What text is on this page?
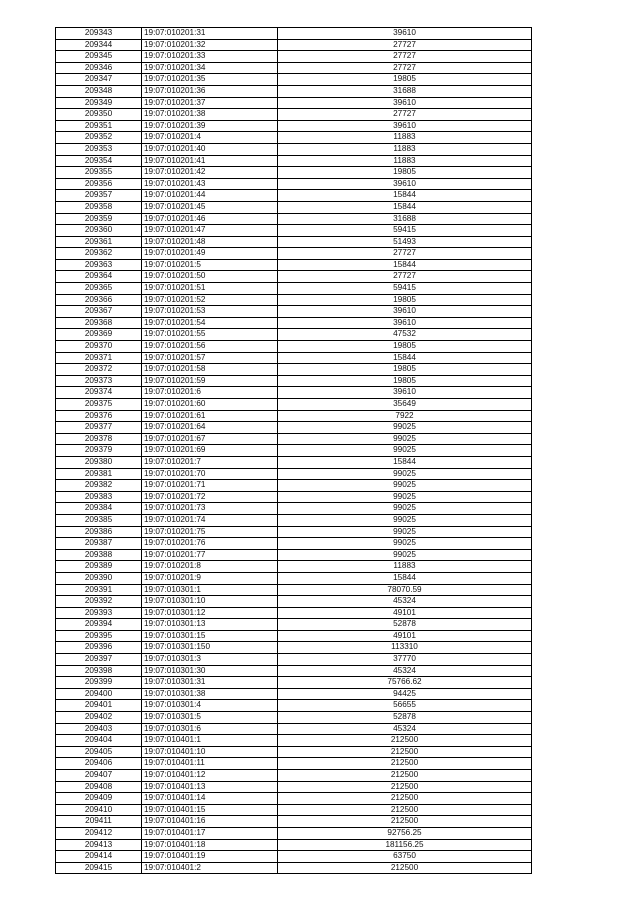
209343	19:07:010201:31	39610
209344	19:07:010201:32	27727
209345	19:07:010201:33	27727
209346	19:07:010201:34	27727
209347	19:07:010201:35	19805
209348	19:07:010201:36	31688
209349	19:07:010201:37	39610
209350	19:07:010201:38	27727
209351	19:07:010201:39	39610
209352	19:07:010201:4	11883
209353	19:07:010201:40	11883
209354	19:07:010201:41	11883
209355	19:07:010201:42	19805
209356	19:07:010201:43	39610
209357	19:07:010201:44	15844
209358	19:07:010201:45	15844
209359	19:07:010201:46	31688
209360	19:07:010201:47	59415
209361	19:07:010201:48	51493
209362	19:07:010201:49	27727
209363	19:07:010201:5	15844
209364	19:07:010201:50	27727
209365	19:07:010201:51	59415
209366	19:07:010201:52	19805
209367	19:07:010201:53	39610
209368	19:07:010201:54	39610
209369	19:07:010201:55	47532
209370	19:07:010201:56	19805
209371	19:07:010201:57	15844
209372	19:07:010201:58	19805
209373	19:07:010201:59	19805
209374	19:07:010201:6	39610
209375	19:07:010201:60	35649
209376	19:07:010201:61	7922
209377	19:07:010201:64	99025
209378	19:07:010201:67	99025
209379	19:07:010201:69	99025
209380	19:07:010201:7	15844
209381	19:07:010201:70	99025
209382	19:07:010201:71	99025
209383	19:07:010201:72	99025
209384	19:07:010201:73	99025
209385	19:07:010201:74	99025
209386	19:07:010201:75	99025
209387	19:07:010201:76	99025
209388	19:07:010201:77	99025
209389	19:07:010201:8	11883
209390	19:07:010201:9	15844
209391	19:07:010301:1	78070.59
209392	19:07:010301:10	45324
209393	19:07:010301:12	49101
209394	19:07:010301:13	52878
209395	19:07:010301:15	49101
209396	19:07:010301:150	113310
209397	19:07:010301:3	37770
209398	19:07:010301:30	45324
209399	19:07:010301:31	75766.62
209400	19:07:010301:38	94425
209401	19:07:010301:4	56655
209402	19:07:010301:5	52878
209403	19:07:010301:6	45324
209404	19:07:010401:1	212500
209405	19:07:010401:10	212500
209406	19:07:010401:11	212500
209407	19:07:010401:12	212500
209408	19:07:010401:13	212500
209409	19:07:010401:14	212500
209410	19:07:010401:15	212500
209411	19:07:010401:16	212500
209412	19:07:010401:17	92756.25
209413	19:07:010401:18	181156.25
209414	19:07:010401:19	63750
209415	19:07:010401:2	212500
